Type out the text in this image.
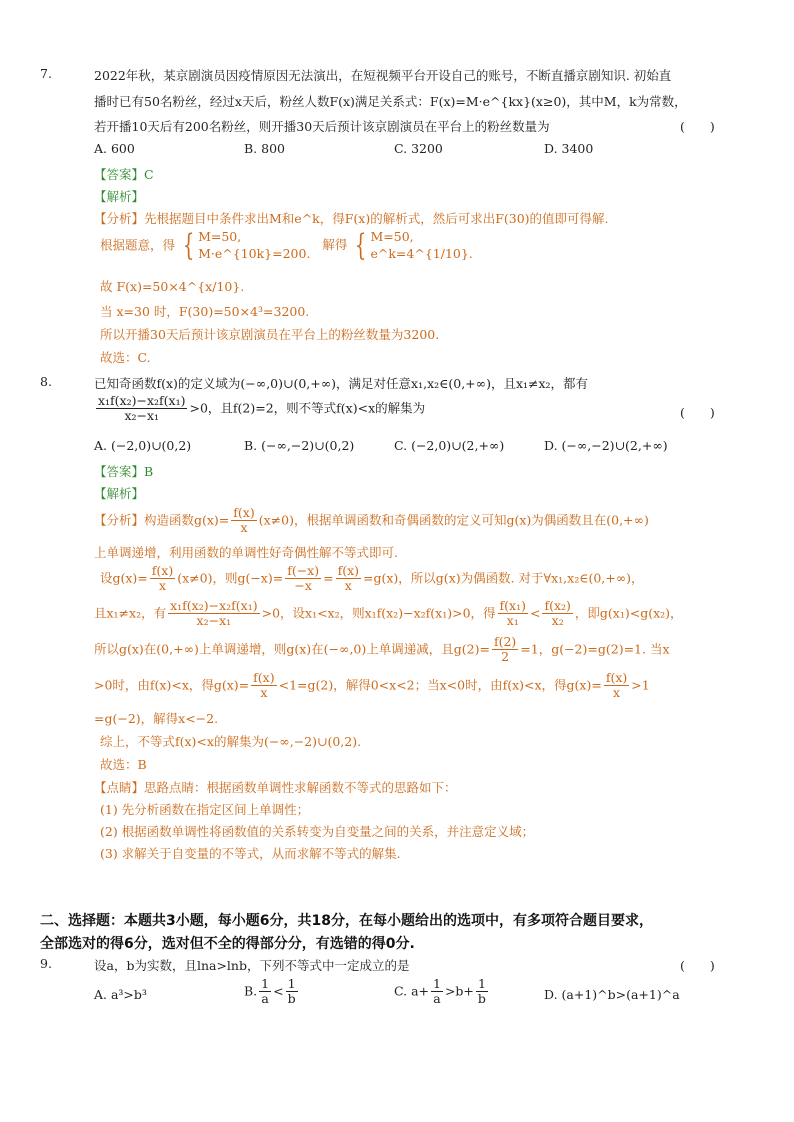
7.	2022年秋，某京剧演员因疫情原因无法演出，在短视频平台开设自己的账号，不断直播京剧知识. 初始直
播时已有50名粉丝，经过x天后，粉丝人数F(x)满足关系式：F(x)=M·e^{kx}(x≥0)，其中M，k为常数，
若开播10天后有200名粉丝，则开播30天后预计该京剧演员在平台上的粉丝数量为	(　　)
A. 600	B. 800	C. 3200	D. 3400
【答案】C
【解析】
【分析】先根据题目中条件求出M和e^k，得F(x)的解析式，然后可求出F(30)的值即可得解.
根据题意，得 { M=50,
M·e^{10k}=200.
解得 { M=50,
e^k=4^{1/10}.
故 F(x)=50×4^{x/10}.
当 x=30 时，F(30)=50×4³=3200.
所以开播30天后预计该京剧演员在平台上的粉丝数量为3200.
故选：C.
8.	已知奇函数f(x)的定义域为(−∞,0)∪(0,+∞)，满足对任意x₁,x₂∈(0,+∞)，且x₁≠x₂，都有
$\frac{\text{x₁f(x₂)−x₂f(x₁)}}{\text{x₂−x₁}} >0$，且f(2)=2，则不等式f(x)<x的解集为	(　　)
A. (−2,0)∪(0,2)	B. (−∞,−2)∪(0,2)	C. (−2,0)∪(2,+∞)	D. (−∞,−2)∪(2,+∞)
【答案】B
【解析】
【分析】构造函数$g(x)= \frac{f(x)}{x} (x\ne 0)$，根据单调函数和奇偶函数的定义可知g(x)为偶函数且在(0,+∞)
上单调递增，利用函数的单调性好奇偶性解不等式即可.
设$g(x)= \frac{f(x)}{x} (x\ne 0)$，则$g(-x)= \frac{f(-x)}{-x} = \frac{f(x)}{x} =g(x)$，所以g(x)为偶函数. 对于∀x₁,x₂∈(0,+∞)，
且x₁≠x₂，有 $\frac{\text{x₁f(x₂)−x₂f(x₁)}}{\text{x₂−x₁}} >0$，设x₁<x₂，则x₁f(x₂)−x₂f(x₁)>0，得 $\frac{\text{f(x₁)}}{\text{x₁}} < \frac{\text{f(x₂)}}{\text{x₂}}$ ，即g(x₁)<g(x₂)，
所以g(x)在(0,+∞)上单调递增，则g(x)在(−∞,0)上单调递减，且$g(2)= \frac{f(2)}{2} =1$，g(−2)=g(2)=1. 当x
>0时，由f(x)<x，得$g(x)= \frac{f(x)}{x} <1=g(2)$，解得0<x<2；当x<0时，由f(x)<x，得$g(x)= \frac{f(x)}{x} >1$
=g(−2)，解得x<−2.
综上，不等式f(x)<x的解集为(−∞,−2)∪(0,2).
故选：B
【点睛】思路点睛：根据函数单调性求解函数不等式的思路如下：
(1) 先分析函数在指定区间上单调性；
(2) 根据函数单调性将函数值的关系转变为自变量之间的关系，并注意定义域；
(3) 求解关于自变量的不等式，从而求解不等式的解集.
二、选择题：本题共3小题，每小题6分，共18分，在每小题给出的选项中，有多项符合题目要求，
全部选对的得6分，选对但不全的得部分分，有选错的得0分.
9.	设a，b为实数，且lna>lnb，下列不等式中一定成立的是	(　　)
A. a³>b³	B. $\frac{1}{a} < \frac{1}{b}$	C. $a+ \frac{1}{a} >b+ \frac{1}{b}$	D. (a+1)^b>(a+1)^a
